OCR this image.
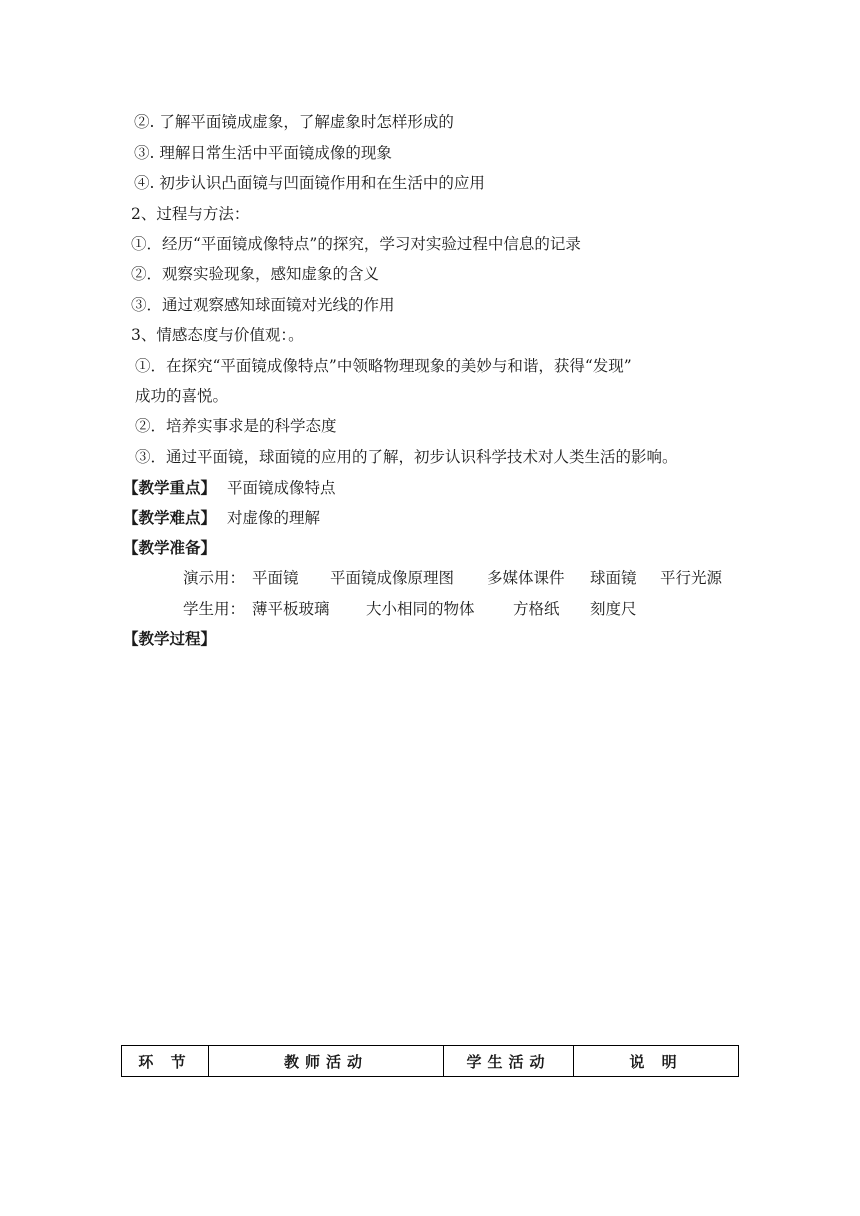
②. 了解平面镜成虚象，了解虚象时怎样形成的
③. 理解日常生活中平面镜成像的现象
④. 初步认识凸面镜与凹面镜作用和在生活中的应用
2、过程与方法：
①．经历“平面镜成像特点”的探究，学习对实验过程中信息的记录
②．观察实验现象，感知虚象的含义
③．通过观察感知球面镜对光线的作用
3、情感态度与价值观：。
①．在探究“平面镜成像特点”中领略物理现象的美妙与和谐，获得“发现”
成功的喜悦。
②．培养实事求是的科学态度
③．通过平面镜，球面镜的应用的了解，初步认识科学技术对人类生活的影响。
【教学重点】 平面镜成像特点
【教学难点】 对虚像的理解
【教学准备】
演示用： 平面镜 平面镜成像原理图 多媒体课件 球面镜 平行光源
学生用： 薄平板玻璃 大小相同的物体 方格纸 刻度尺
【教学过程】
环 节	教师活动	学生活动	说 明
